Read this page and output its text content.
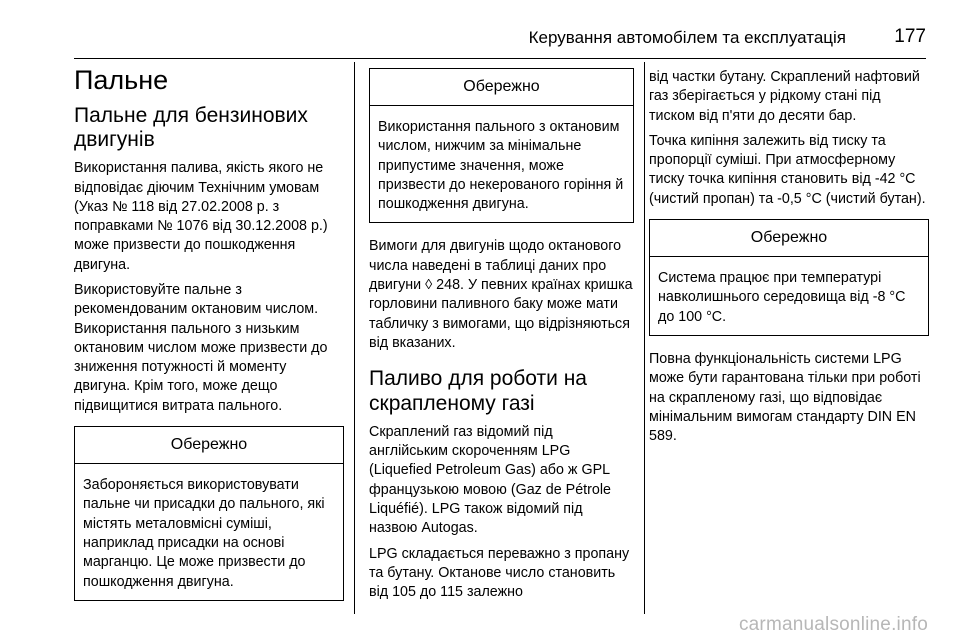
Керування автомобілем та експлуатація	177
Пальне
Пальне для бензинових двигунів

Використання палива, якість якого не відповідає діючим Технічним умовам (Указ № 118 від 27.02.2008 р. з поправками № 1076 від 30.12.2008 р.) може призвести до пошкодження двигуна.

Використовуйте пальне з рекомендованим октановим числом. Використання пального з низьким октановим числом може призвести до зниження потужності й моменту двигуна. Крім того, може дещо підвищитися витрата пального.

Обережно
Забороняється використовувати пальне чи присадки до пального, які містять металовмісні суміші, наприклад присадки на основі марганцю. Це може призвести до пошкодження двигуна.
Обережно
Використання пального з октановим числом, нижчим за мінімальне припустиме значення, може призвести до некерованого горіння й пошкодження двигуна.

Вимоги для двигунів щодо октанового числа наведені в таблиці даних про двигуни ◊ 248. У певних країнах кришка горловини паливного баку може мати табличку з вимогами, що відрізняються від вказаних.

Паливо для роботи на скрапленому газі

Скраплений газ відомий під англійським скороченням LPG (Liquefied Petroleum Gas) або ж GPL французькою мовою (Gaz de Pétrole Liquéfié). LPG також відомий під назвою Autogas.

LPG складається переважно з пропану та бутану. Октанове число становить від 105 до 115 залежно

від частки бутану. Скраплений нафтовий газ зберігається у рідкому стані під тиском від п'яти до десяти бар.

Точка кипіння залежить від тиску та пропорції суміші. При атмосферному тиску точка кипіння становить від -42 °C (чистий пропан) та -0,5 °C (чистий бутан).

Обережно
Система працює при температурі навколишнього середовища від -8 °C до 100 °C.

Повна функціональність системи LPG може бути гарантована тільки при роботі на скрапленому газі, що відповідає мінімальним вимогам стандарту DIN EN 589.

carmanualsonline.info
